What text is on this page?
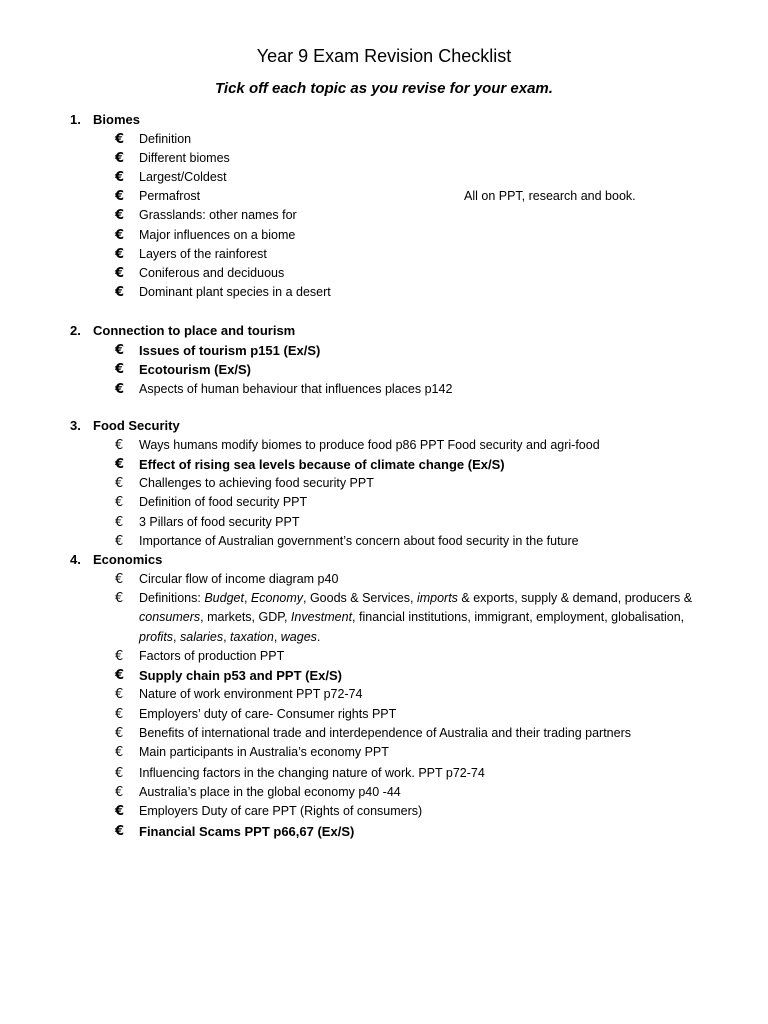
Year 9 Exam Revision Checklist
Tick off each topic as you revise for your exam.
1. Biomes
€	Definition
€	Different biomes
€	Largest/Coldest
€	Permafrost	All on PPT, research and book.
€	Grasslands: other names for
€	Major influences on a biome
€	Layers of the rainforest
€	Coniferous and deciduous
€	Dominant plant species in a desert
2. Connection to place and tourism
€	Issues of tourism p151 (Ex/S)
€	Ecotourism (Ex/S)
€	Aspects of human behaviour that influences places p142
3. Food Security
€	Ways humans modify biomes to produce food p86 PPT Food security and agri-food
€	Effect of rising sea levels because of climate change (Ex/S)
€	Challenges to achieving food security PPT
€	Definition of food security PPT
€	3 Pillars of food security PPT
€	Importance of Australian government’s concern about food security in the future
4. Economics
€	Circular flow of income diagram p40
€	Definitions: Budget, Economy, Goods & Services, imports & exports, supply & demand, producers & consumers, markets, GDP, Investment, financial institutions, immigrant, employment, globalisation, profits, salaries, taxation, wages.
€	Factors of production PPT
€	Supply chain p53 and PPT (Ex/S)
€	Nature of work environment PPT p72-74
€	Employers’ duty of care- Consumer rights PPT
€	Benefits of international trade and interdependence of Australia and their trading partners
€	Main participants in Australia’s economy PPT
€	Influencing factors in the changing nature of work. PPT p72-74
€	Australia’s place in the global economy p40 -44
€	Employers Duty of care PPT (Rights of consumers)
€	Financial Scams PPT p66,67 (Ex/S)
